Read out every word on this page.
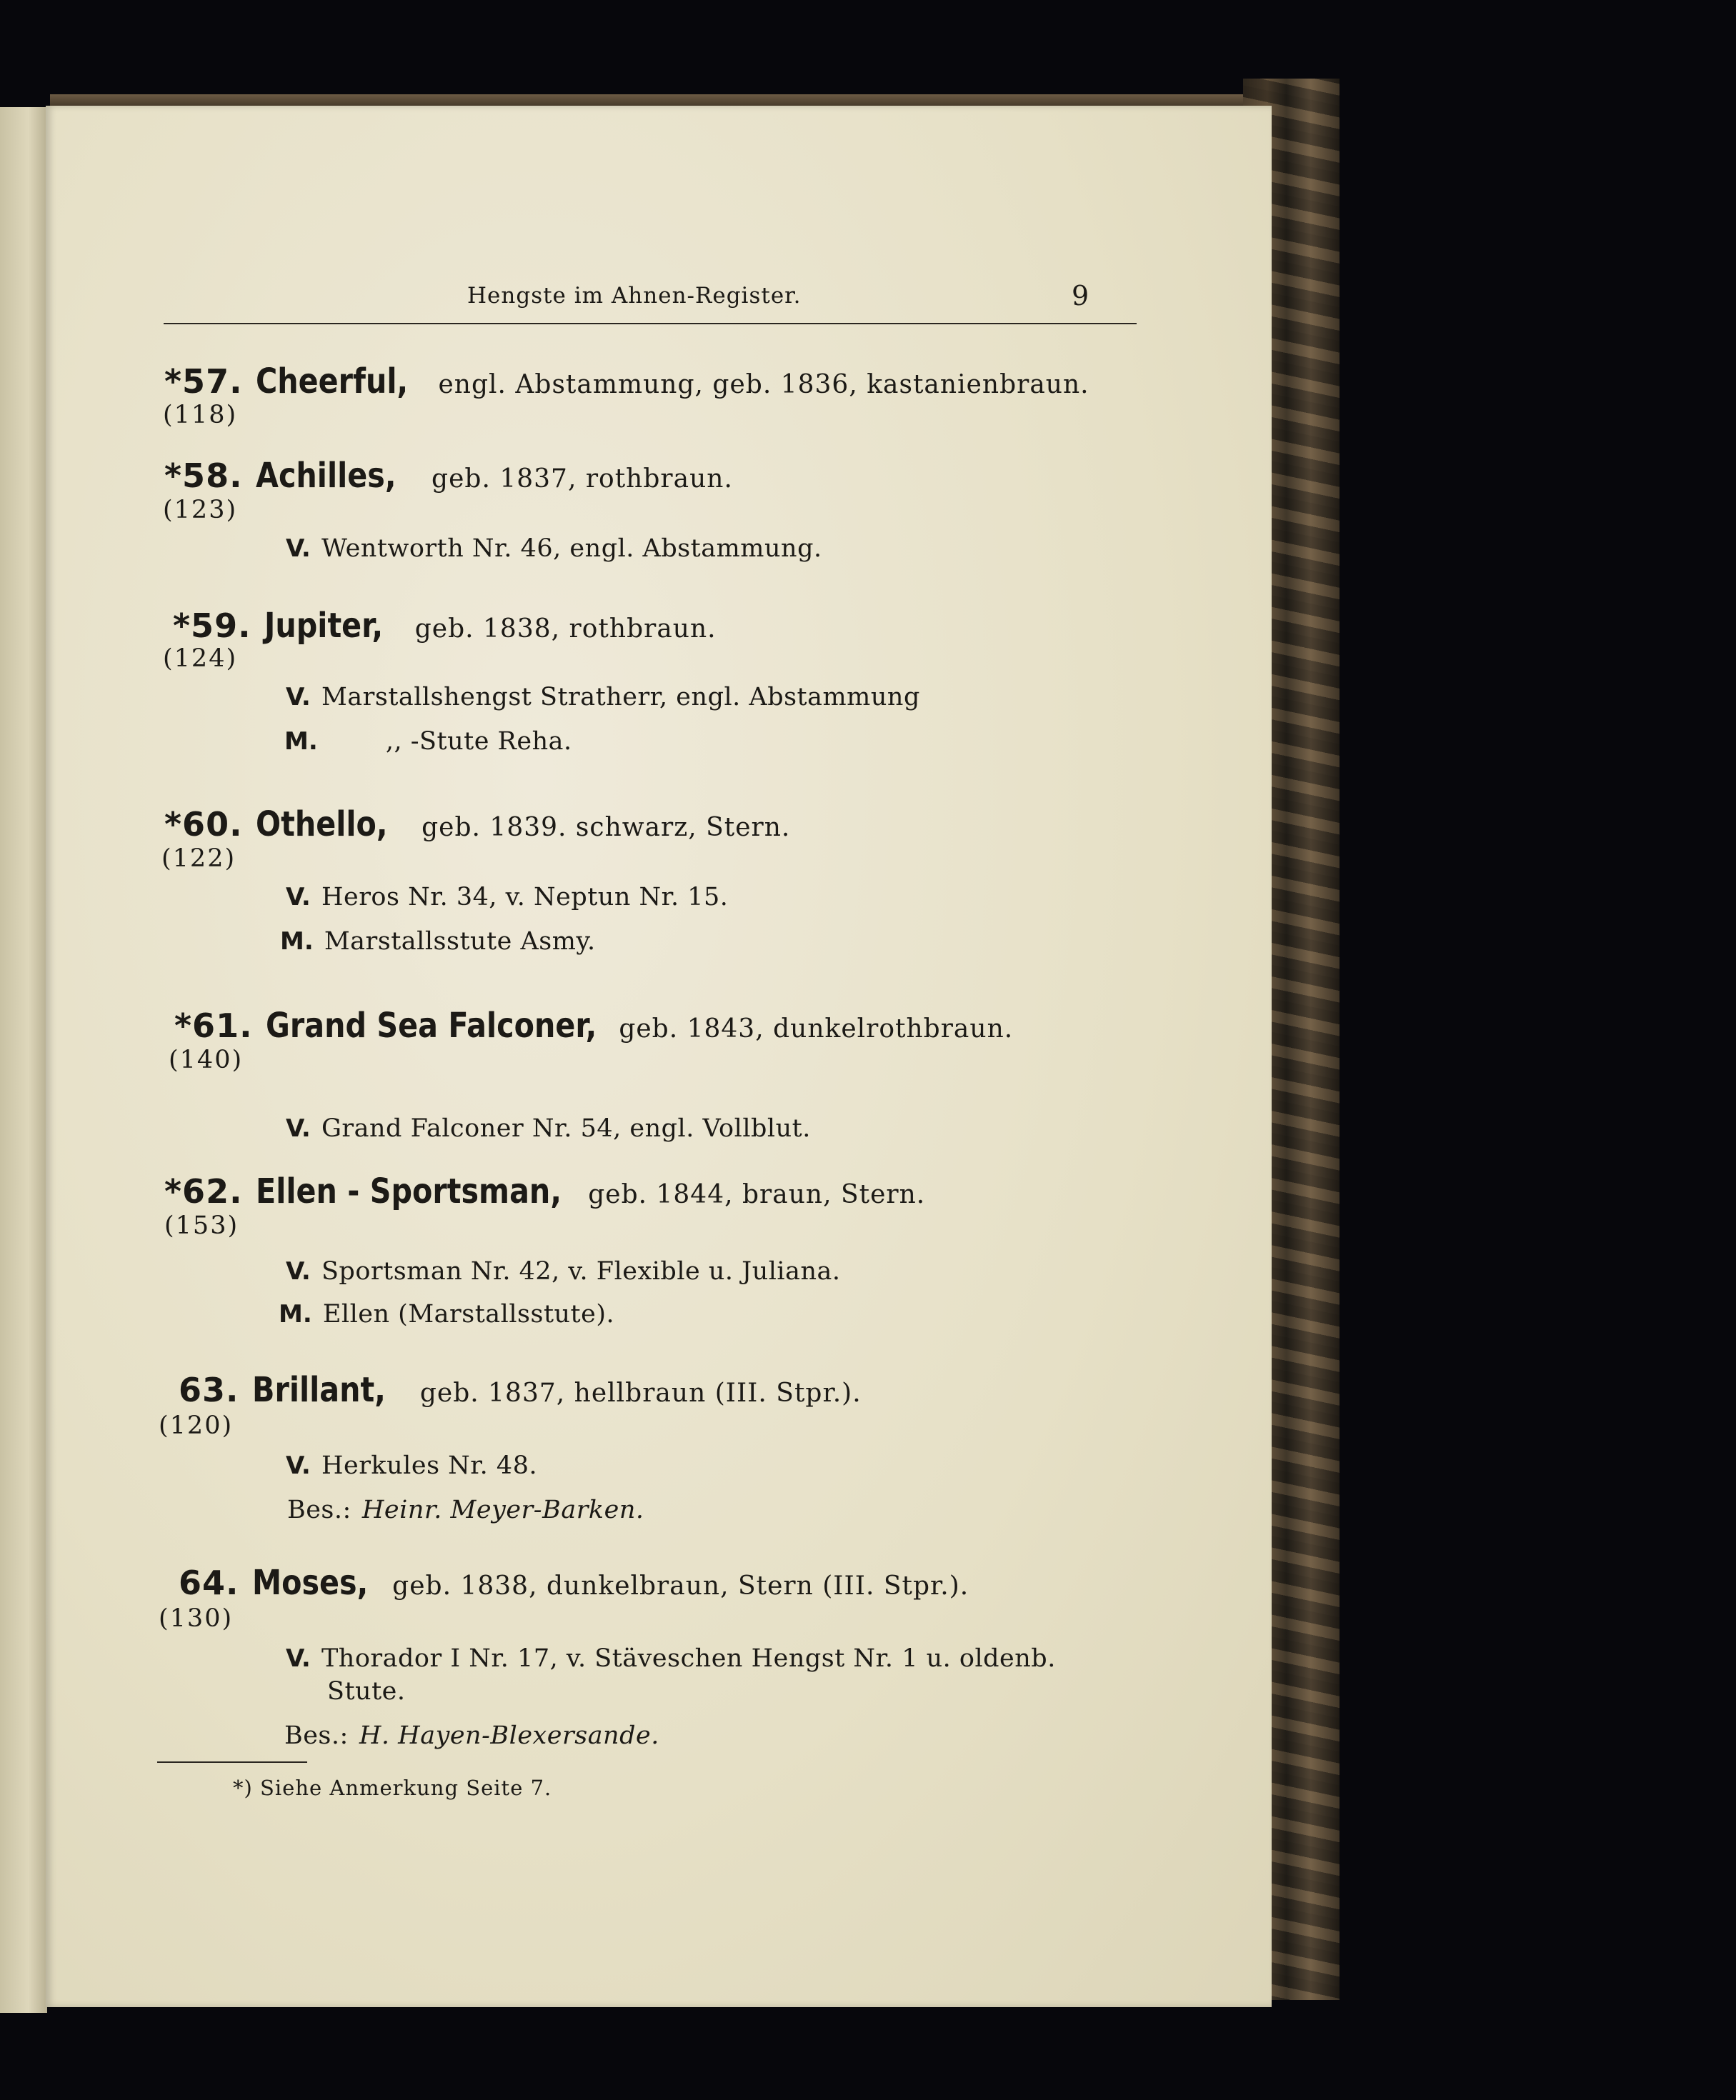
Hengste im Ahnen-Register.	9
*57. Cheerful, engl. Abstammung, geb. 1836, kastanienbraun.
(118)
*58. Achilles, geb. 1837, rothbraun.
(123)
V. Wentworth Nr. 46, engl. Abstammung.
*59. Jupiter, geb. 1838, rothbraun.
(124)
V. Marstallshengst Stratherr, engl. Abstammung
M.	,, -Stute Reha.
*60. Othello, geb. 1839. schwarz, Stern.
(122)
V. Heros Nr. 34, v. Neptun Nr. 15.
M. Marstallsstute Asmy.
*61. Grand Sea Falconer, geb. 1843, dunkelrothbraun.
(140)
V. Grand Falconer Nr. 54, engl. Vollblut.
*62. Ellen - Sportsman, geb. 1844, braun, Stern.
(153)
V. Sportsman Nr. 42, v. Flexible u. Juliana.
M. Ellen (Marstallsstute).
63. Brillant, geb. 1837, hellbraun (III. Stpr.).
(120)
V. Herkules Nr. 48.
Bes.: Heinr. Meyer-Barken.
64. Moses, geb. 1838, dunkelbraun, Stern (III. Stpr.).
(130)
V. Thorador I Nr. 17, v. Stäveschen Hengst Nr. 1 u. oldenb.
Stute.
Bes.: H. Hayen-Blexersande.
*) Siehe Anmerkung Seite 7.
